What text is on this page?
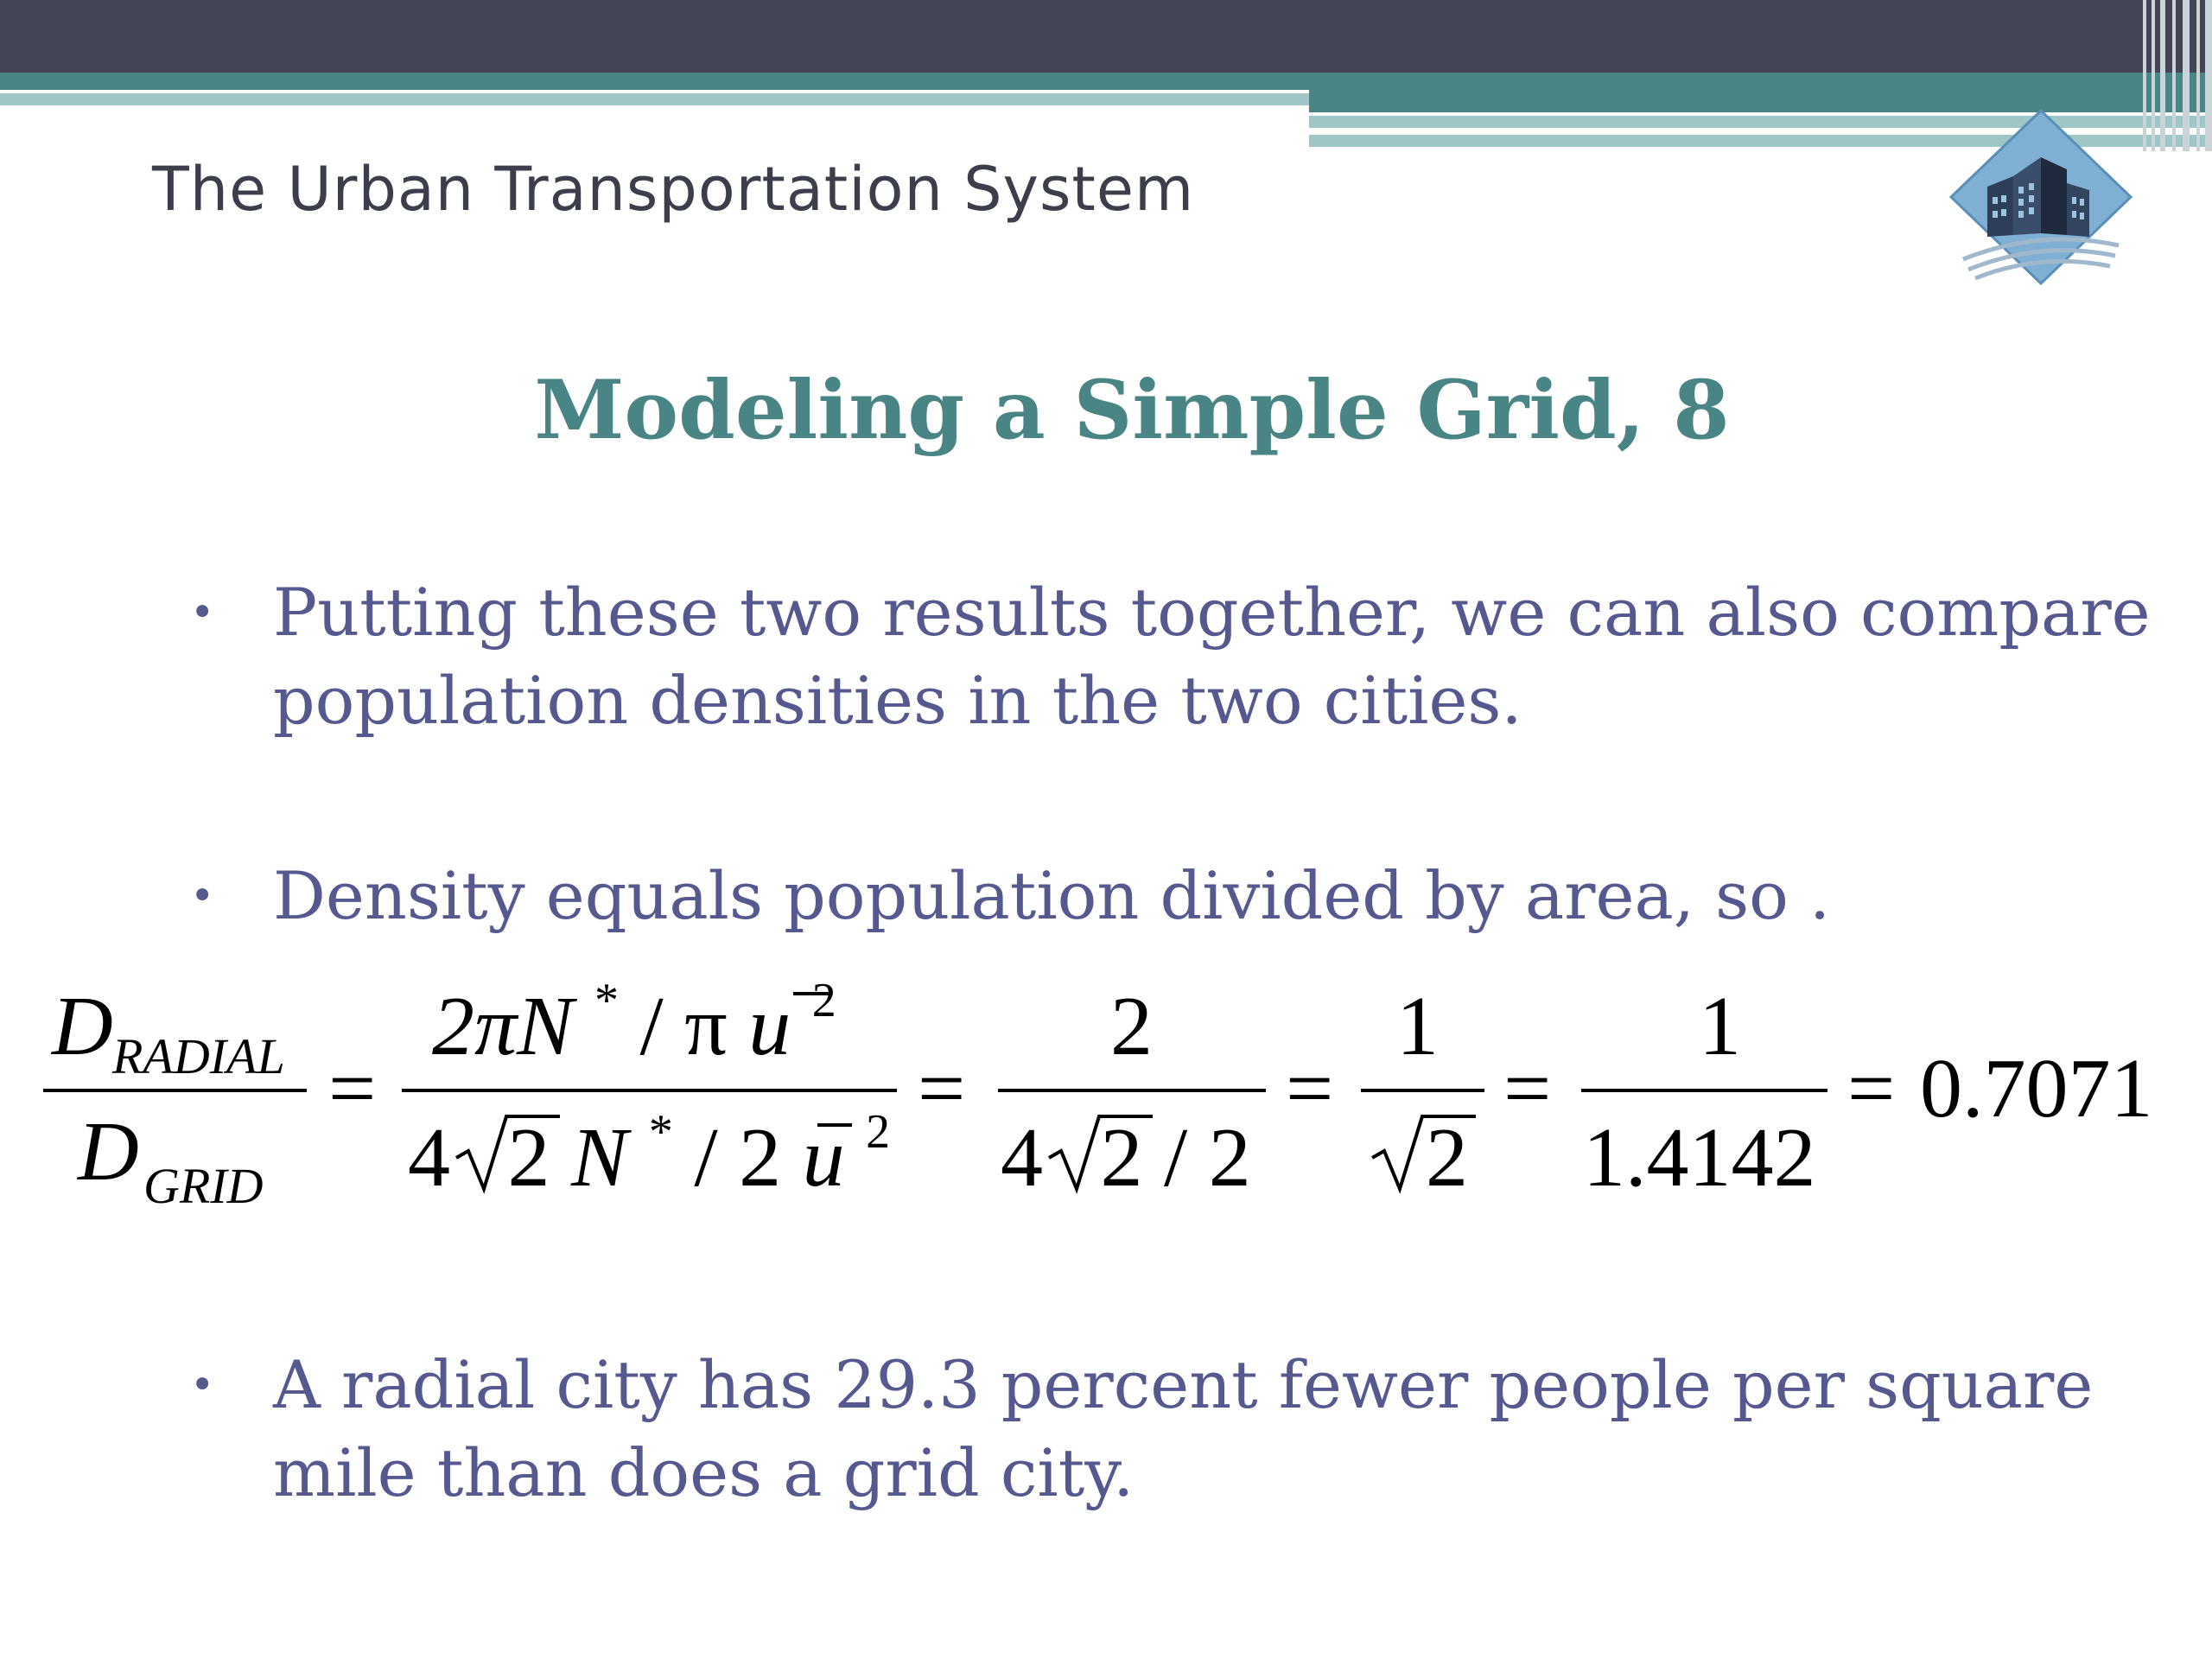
The Urban Transportation System
Modeling a Simple Grid, 8
• Putting these two results together, we can also compare population densities in the two cities.
• Density equals population divided by area, so .
D RADIAL
D GRID
=
2πN * / π u $^2$
4 2 N * / 2 u $^2$ =
2
4 2 / 2
=
1
2
=
1
1.4142
= 0.7071
• A radial city has 29.3 percent fewer people per square mile than does a grid city.
